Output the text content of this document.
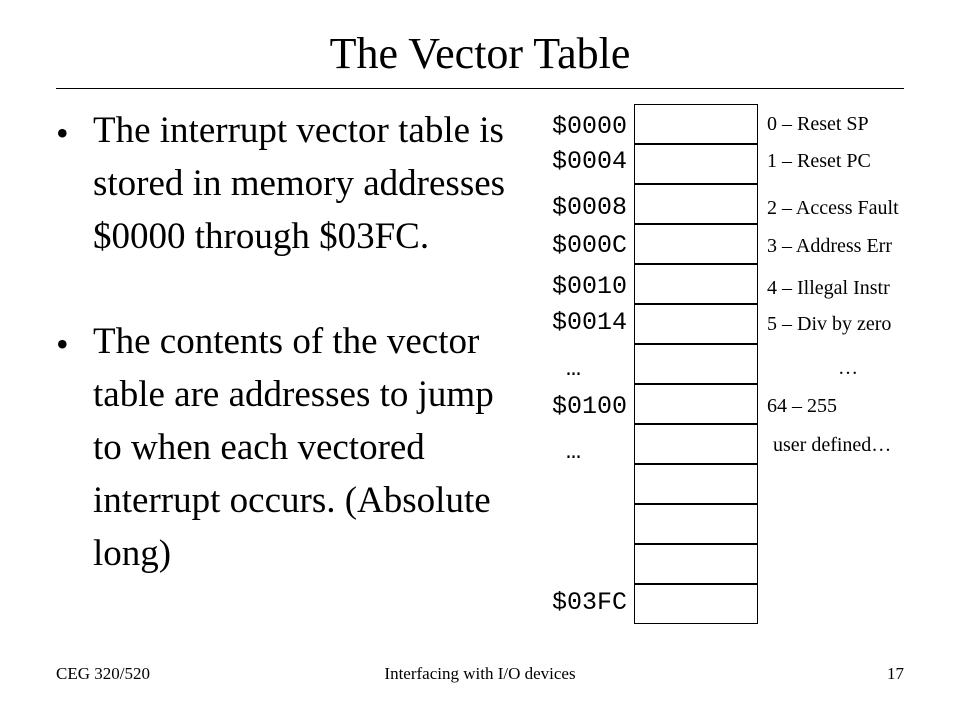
The Vector Table
• The interrupt vector table is stored in memory addresses $0000 through $03FC.
• The contents of the vector table are addresses to jump to when each vectored interrupt occurs. (Absolute long)
$0000
$0004
$0008
$000C
$0010
$0014
…
$0100
…
$03FC
0 – Reset SP
1 – Reset PC
2 – Access Fault
3 – Address Err
4 – Illegal Instr
5 – Div by zero
…
64 – 255
user defined…
CEG 320/520	Interfacing with I/O devices	17
